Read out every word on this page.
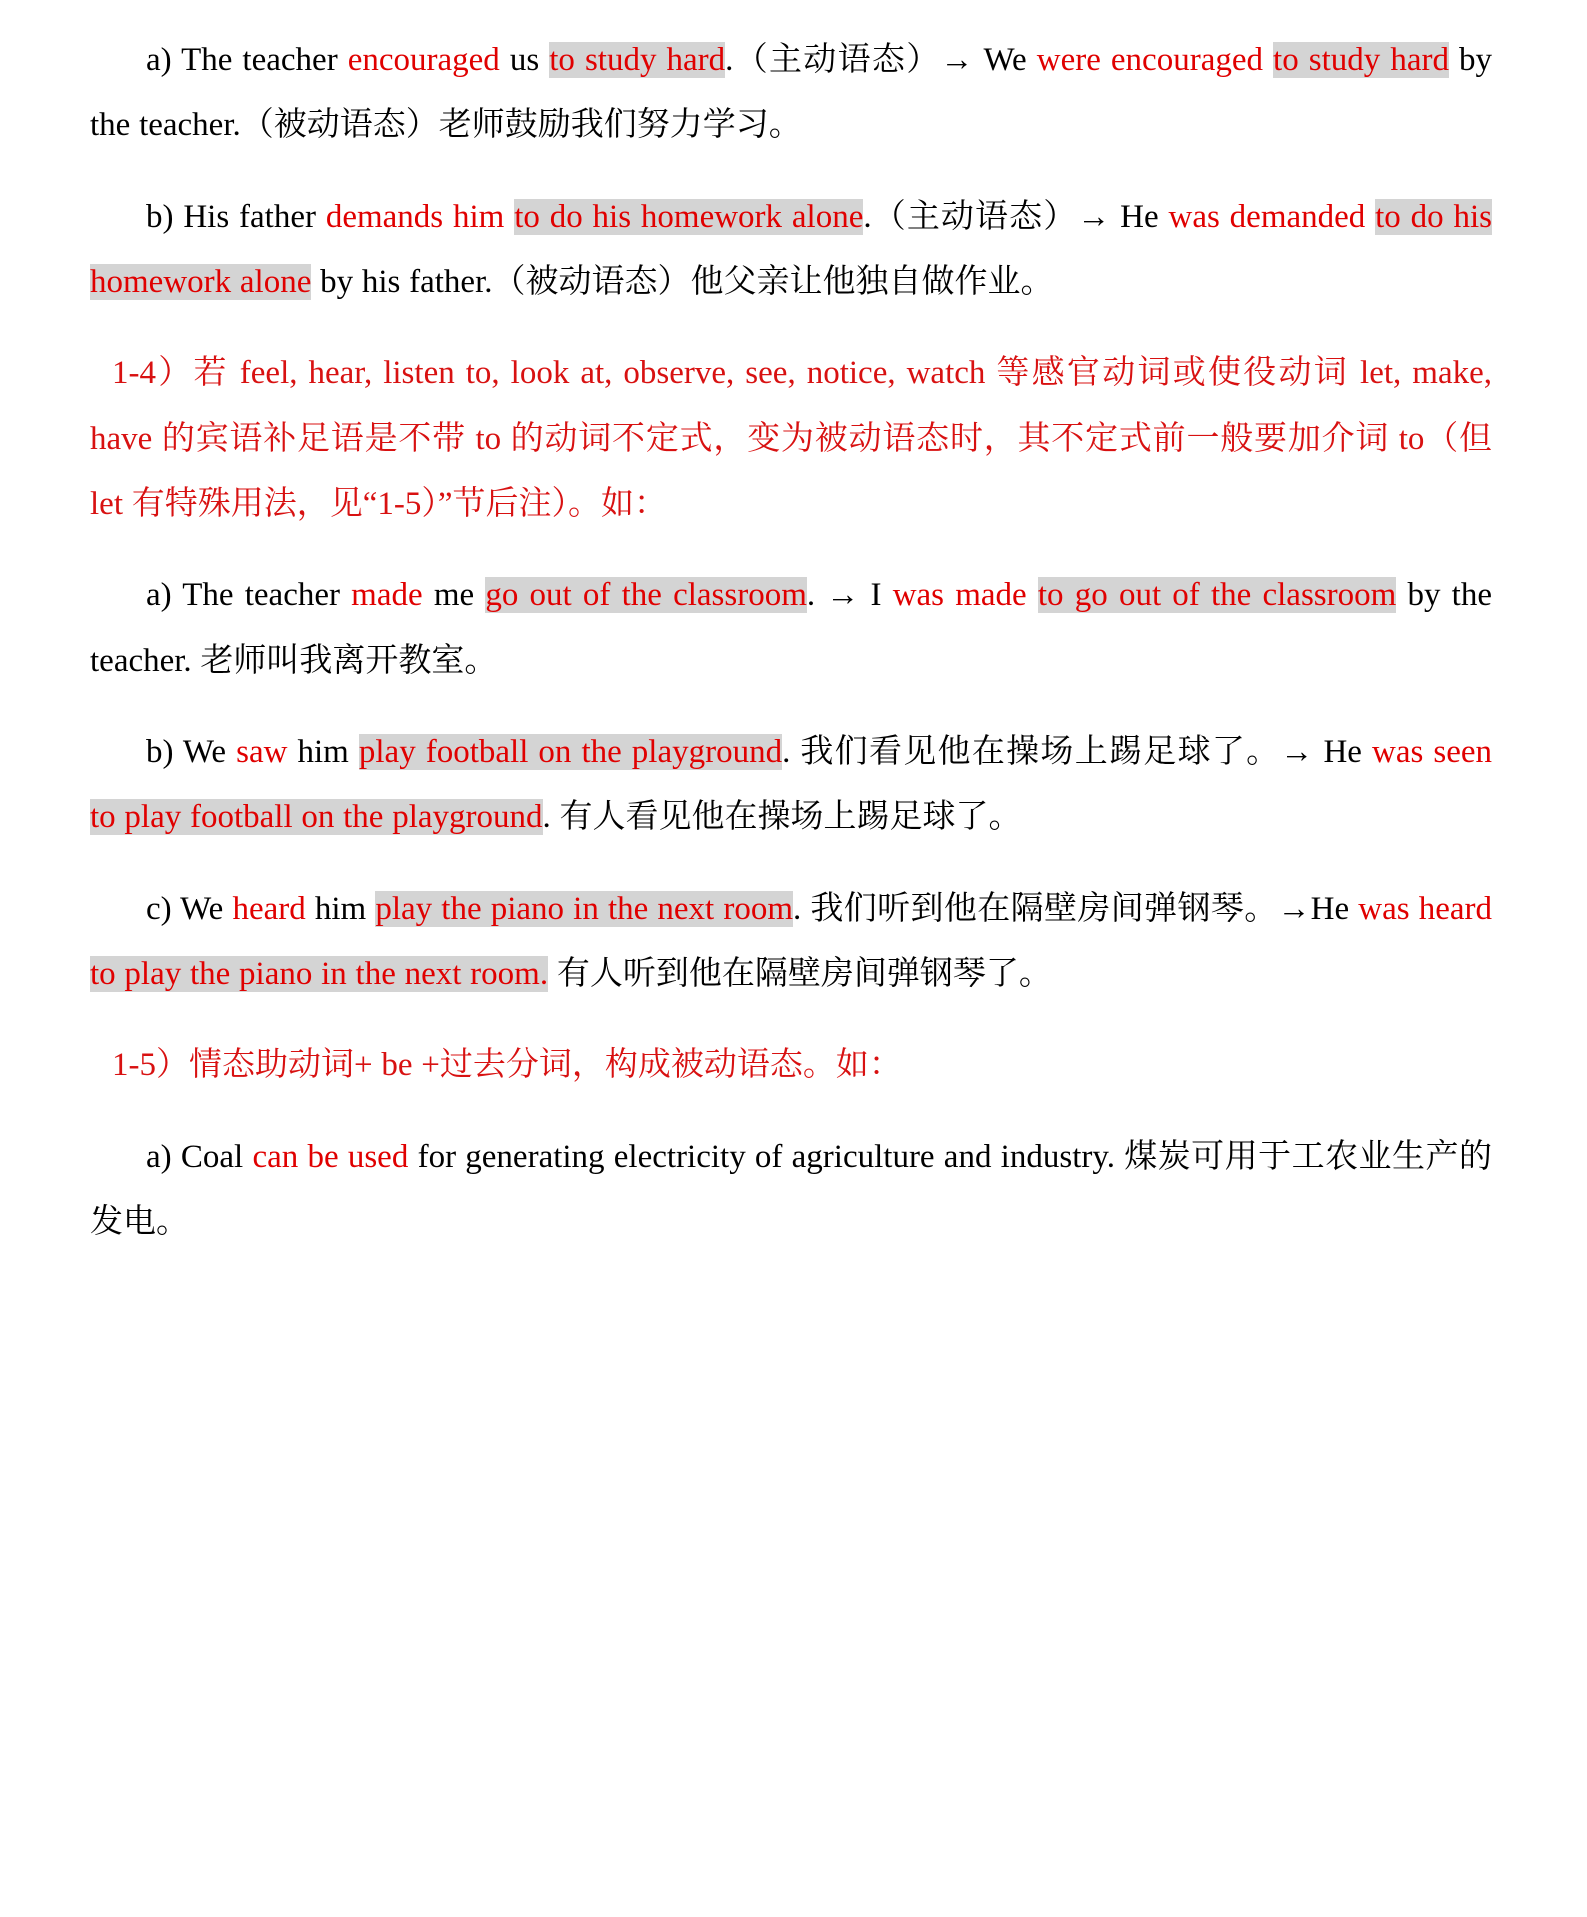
a) The teacher encouraged us to study hard.（主动语态）→ We were encouraged to study hard by the teacher.（被动语态）老师鼓励我们努力学习。
b) His father demands him to do his homework alone.（主动语态）→ He was demanded to do his homework alone by his father.（被动语态）他父亲让他独自做作业。
1-4）若 feel, hear, listen to, look at, observe, see, notice, watch 等感官动词或使役动词 let, make, have 的宾语补足语是不带 to 的动词不定式，变为被动语态时，其不定式前一般要加介词 to（但 let 有特殊用法，见“1-5）”节后注）。如：
a) The teacher made me go out of the classroom. → I was made to go out of the classroom by the teacher. 老师叫我离开教室。
b) We saw him play football on the playground. 我们看见他在操场上踢足球了。→ He was seen to play football on the playground. 有人看见他在操场上踢足球了。
c) We heard him play the piano in the next room. 我们听到他在隔壁房间弹钢琴。→He was heard to play the piano in the next room. 有人听到他在隔壁房间弹钢琴了。
1-5）情态助动词+ be +过去分词，构成被动语态。如：
a) Coal can be used for generating electricity of agriculture and industry. 煤炭可用于工农业生产的发电。
